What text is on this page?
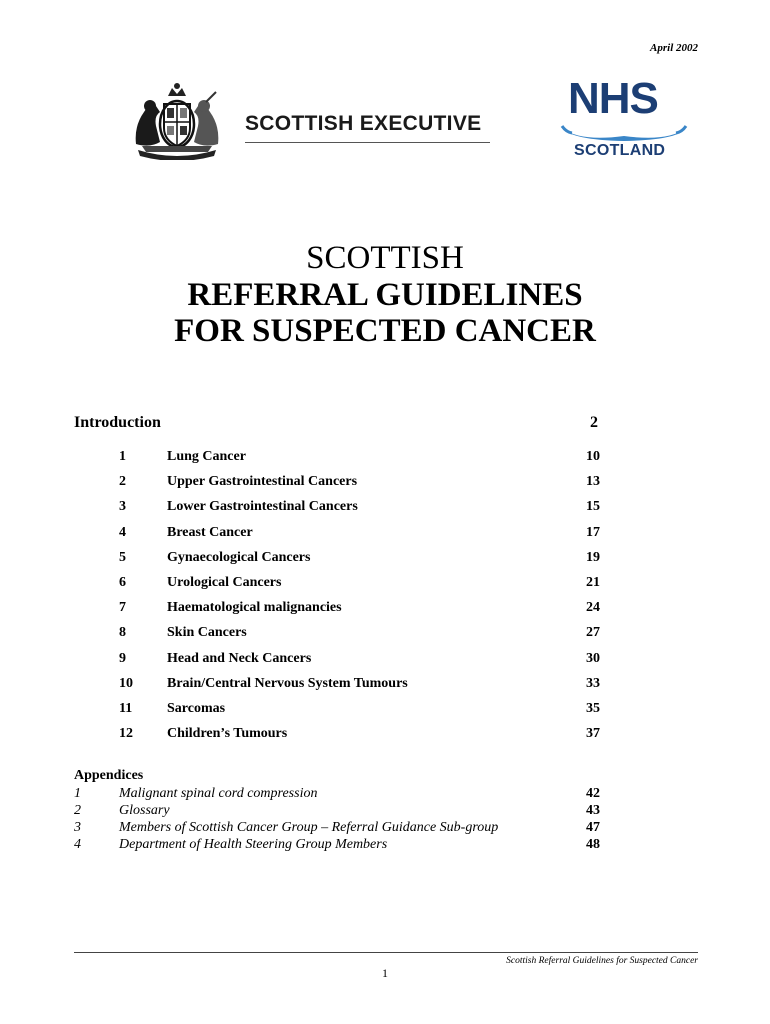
April 2002
SCOTTISH EXECUTIVE
NHS
SCOTLAND
SCOTTISH
REFERRAL GUIDELINES
FOR SUSPECTED CANCER
Introduction	2
1	Lung Cancer	10
2	Upper Gastrointestinal Cancers	13
3	Lower Gastrointestinal Cancers	15
4	Breast Cancer	17
5	Gynaecological Cancers	19
6	Urological Cancers	21
7	Haematological malignancies	24
8	Skin Cancers	27
9	Head and Neck Cancers	30
10 Brain/Central Nervous System Tumours	33
11 Sarcomas	35
12 Children’s Tumours	37
Appendices
1	Malignant spinal cord compression	42
2	Glossary	43
3	Members of Scottish Cancer Group – Referral Guidance Sub-group	47
4	Department of Health Steering Group Members	48
Scottish Referral Guidelines for Suspected Cancer
1
